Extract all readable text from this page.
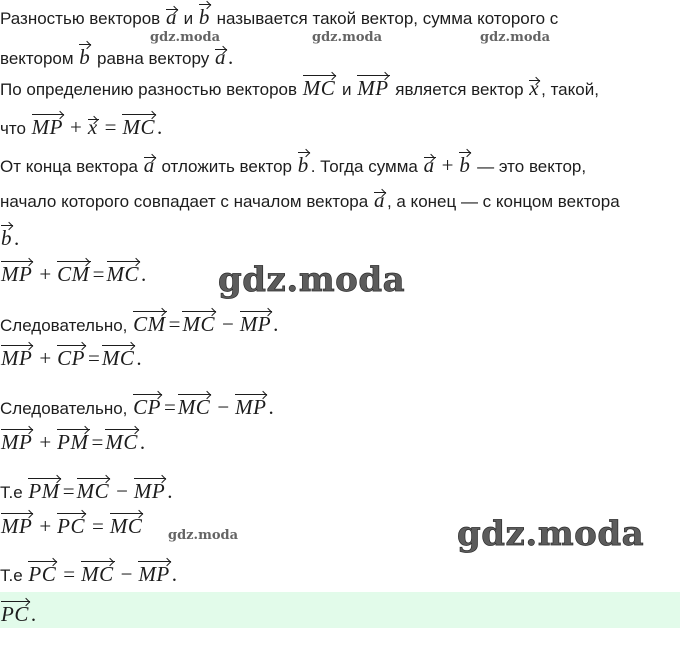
Разностью векторов a и b называется такой вектор, сумма которого с
вектором b равна вектору a.
По определению разностью векторов MC и MP является вектор x , такой,
что MP + x = MC.
От конца вектора a отложить вектор b . Тогда сумма a + b — это вектор,
начало которого совпадает с началом вектора a , а конец — с концом вектора
b.
MP + CM =MC.
Следовательно, CM =MC − MP.
MP + CP =MC.
Следовательно, CP =MC − MP.
MP + PM =MC.
Т.е PM =MC − MP.
MP + PC = MC
Т.е PC = MC − MP.
PC.
gdz.moda	gdz.moda	gdz.moda
gdz.moda
gdz.moda	gdz.moda
